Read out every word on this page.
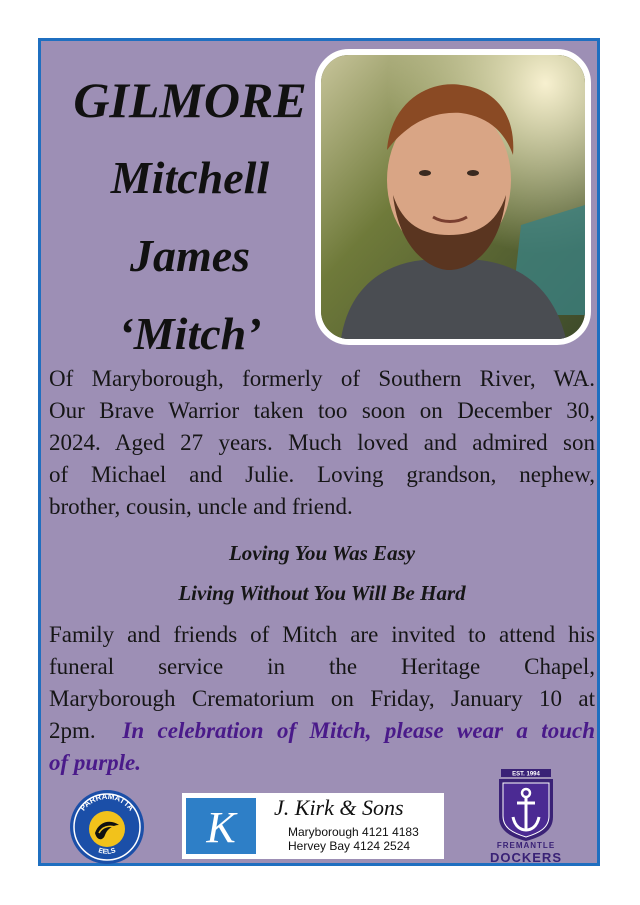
GILMORE
Mitchell
James
‘Mitch’
Of Maryborough, formerly of Southern River, WA.
Our Brave Warrior taken too soon on December 30,
2024. Aged 27 years. Much loved and admired son
of Michael and Julie. Loving grandson, nephew,
brother, cousin, uncle and friend.
Loving You Was Easy
Living Without You Will Be Hard
Family and friends of Mitch are invited to attend his
funeral service in the Heritage Chapel,
Maryborough Crematorium on Friday, January 10 at
2pm. In celebration of Mitch, please wear a touch
of purple.
PARRAMATTA
EELS K J. Kirk & Sons
Maryborough 4121 4183
Hervey Bay 4124 2524
EST. 1994
FREMANTLE
DOCKERS
